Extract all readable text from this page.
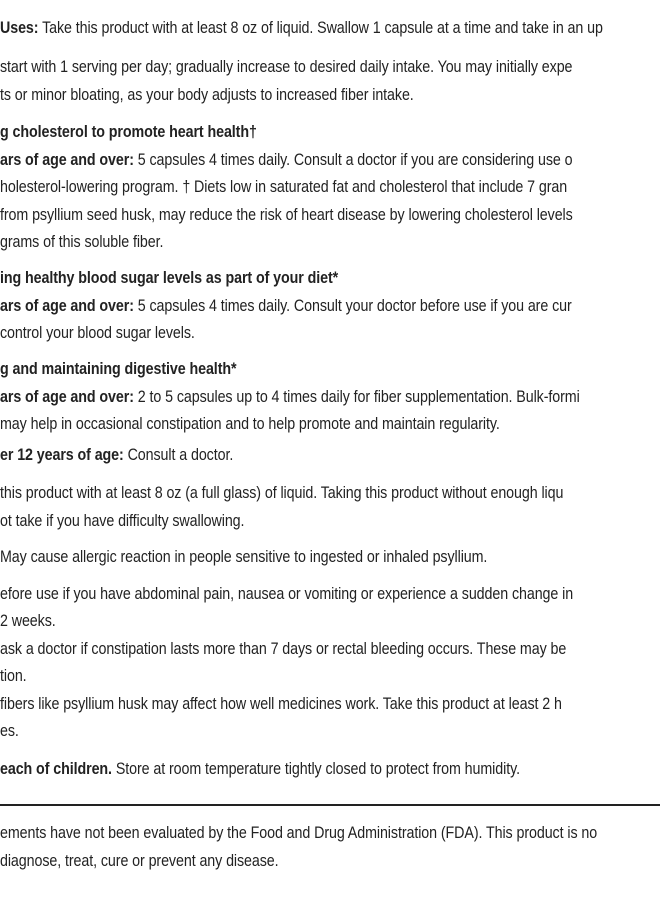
Uses: Take this product with at least 8 oz of liquid. Swallow 1 capsule at a time and take in an up
start with 1 serving per day; gradually increase to desired daily intake. You may initially expe
ts or minor bloating, as your body adjusts to increased fiber intake.
g cholesterol to promote heart health†
ars of age and over: 5 capsules 4 times daily. Consult a doctor if you are considering use o
holesterol-lowering program. † Diets low in saturated fat and cholesterol that include 7 gran
from psyllium seed husk, may reduce the risk of heart disease by lowering cholesterol levels
grams of this soluble fiber.
ing healthy blood sugar levels as part of your diet*
ars of age and over: 5 capsules 4 times daily. Consult your doctor before use if you are cur
control your blood sugar levels.
g and maintaining digestive health*
ars of age and over: 2 to 5 capsules up to 4 times daily for fiber supplementation. Bulk-formi
may help in occasional constipation and to help promote and maintain regularity.
er 12 years of age: Consult a doctor.
this product with at least 8 oz (a full glass) of liquid. Taking this product without enough liqu
ot take if you have difficulty swallowing.
May cause allergic reaction in people sensitive to ingested or inhaled psyllium.
efore use if you have abdominal pain, nausea or vomiting or experience a sudden change in
2 weeks.
ask a doctor if constipation lasts more than 7 days or rectal bleeding occurs. These may be
tion.
fibers like psyllium husk may affect how well medicines work. Take this product at least 2 h
es.
each of children. Store at room temperature tightly closed to protect from humidity.
ements have not been evaluated by the Food and Drug Administration (FDA). This product is no
diagnose, treat, cure or prevent any disease.
